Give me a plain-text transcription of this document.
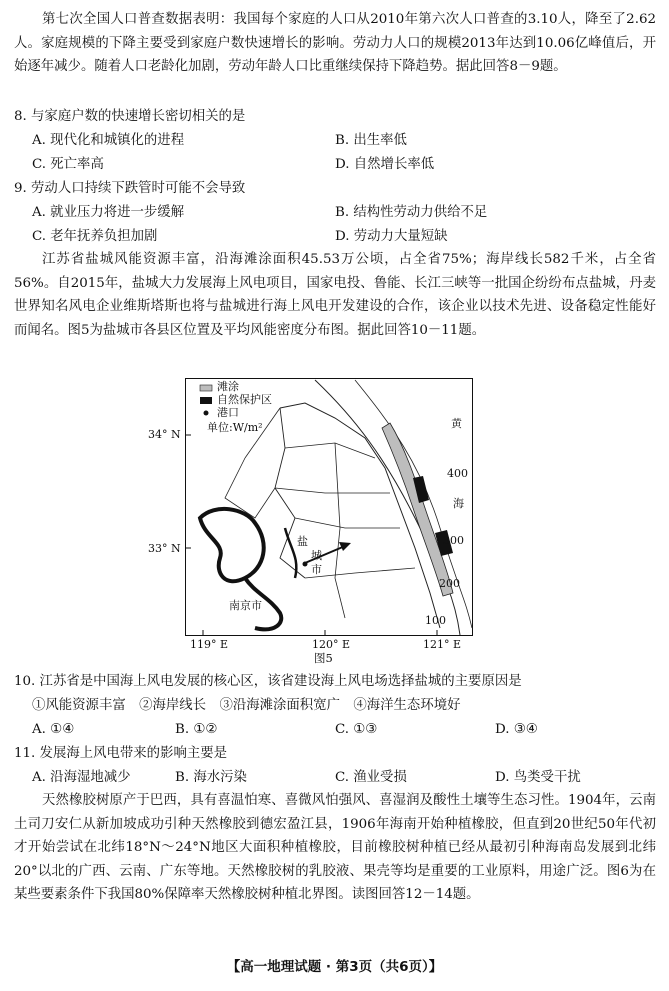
第七次全国人口普查数据表明：我国每个家庭的人口从2010年第六次人口普查的3.10人，降至了2.62人。家庭规模的下降主要受到家庭户数快速增长的影响。劳动力人口的规模2013年达到10.06亿峰值后，开始逐年减少。随着人口老龄化加剧，劳动年龄人口比重继续保持下降趋势。据此回答8－9题。
8. 与家庭户数的快速增长密切相关的是
A. 现代化和城镇化的进程	B. 出生率低
C. 死亡率高	D. 自然增长率低
9. 劳动人口持续下跌管时可能不会导致
A. 就业压力将进一步缓解	B. 结构性劳动力供给不足
C. 老年抚养负担加剧	D. 劳动力大量短缺
江苏省盐城风能资源丰富，沿海滩涂面积45.53万公顷，占全省75%；海岸线长582千米，占全省56%。自2015年，盐城大力发展海上风电项目，国家电投、鲁能、长江三峡等一批国企纷纷布点盐城，丹麦世界知名风电企业维斯塔斯也将与盐城进行海上风电开发建设的合作，该企业以技术先进、设备稳定性能好而闻名。图5为盐城市各县区位置及平均风能密度分布图。据此回答10－11题。
滩涂
自然保护区
港口
单位:W/m²	黄
海
400
300
200
100
盐
城
市
南京市
34° N
33° N
119° E	120° E	121° E
图5
10. 江苏省是中国海上风电发展的核心区，该省建设海上风电场选择盐城的主要原因是
①风能资源丰富　②海岸线长　③沿海滩涂面积宽广　④海洋生态环境好
A. ①④	B. ①②	C. ①③	D. ③④
11. 发展海上风电带来的影响主要是
A. 沿海湿地减少	B. 海水污染	C. 渔业受损	D. 鸟类受干扰
天然橡胶树原产于巴西，具有喜温怕寒、喜微风怕强风、喜湿润及酸性土壤等生态习性。1904年，云南土司刀安仁从新加坡成功引种天然橡胶到德宏盈江县，1906年海南开始种植橡胶，但直到20世纪50年代初才开始尝试在北纬18°N～24°N地区大面积种植橡胶，目前橡胶树种植已经从最初引种海南岛发展到北纬20°以北的广西、云南、广东等地。天然橡胶树的乳胶液、果壳等均是重要的工业原料，用途广泛。图6为在某些要素条件下我国80%保障率天然橡胶树种植北界图。读图回答12－14题。
【高一地理试题 · 第3页（共6页）】
